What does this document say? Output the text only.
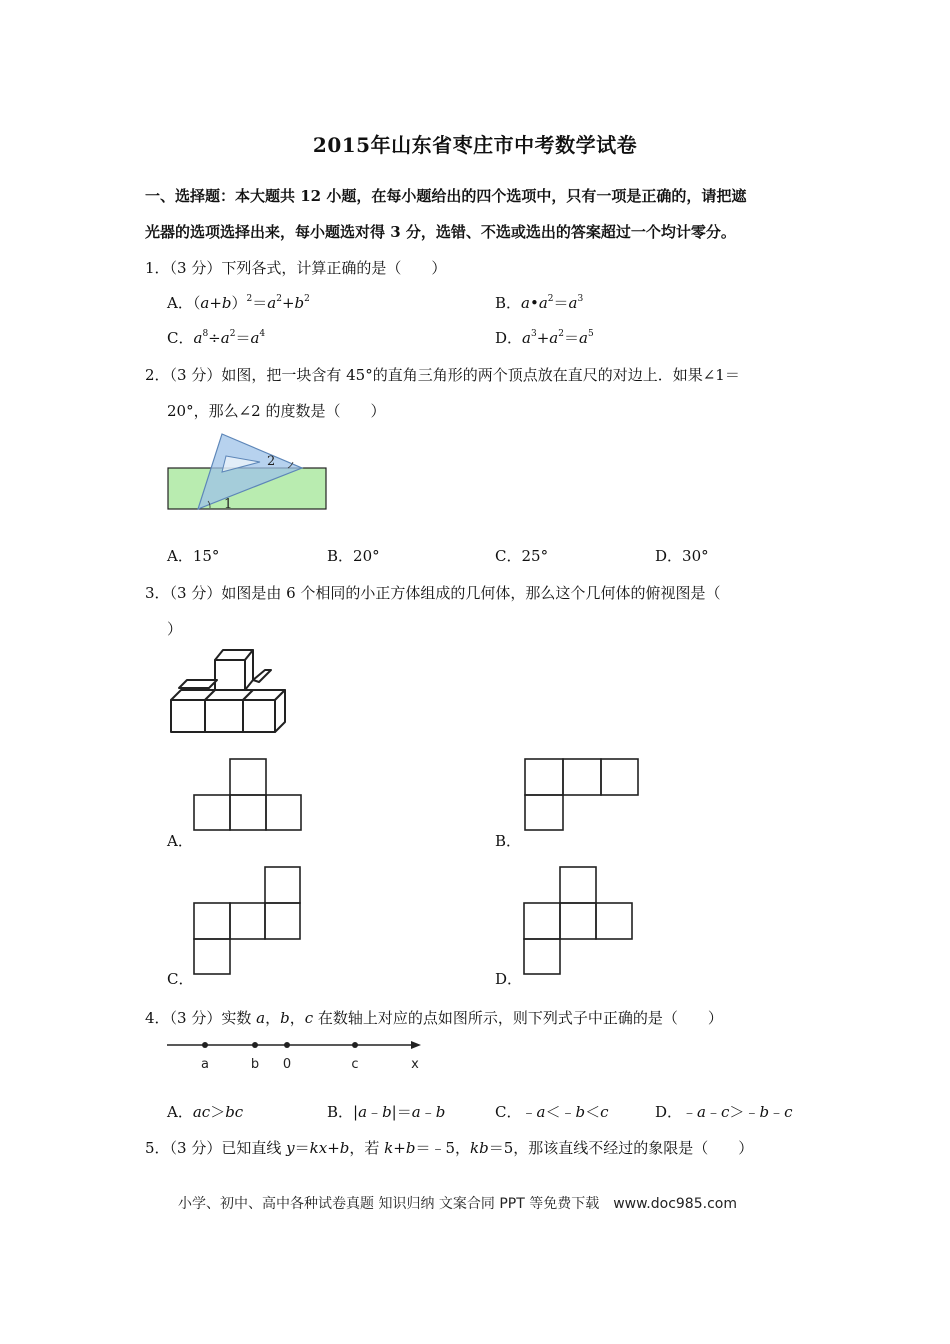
2015年山东省枣庄市中考数学试卷
一、选择题：本大题共 12 小题，在每小题给出的四个选项中，只有一项是正确的，请把遮
光器的选项选择出来，每小题选对得 3 分，选错、不选或选出的答案超过一个均计零分。
1．（3 分）下列各式，计算正确的是（　　）
A．$(a+b)^2=a^2+b^2$	B．$a•a^2=a^3$
C．$a^8\div a^2=a^4$	D．$a^3+a^2=a^5$
2．（3 分）如图，把一块含有 45°的直角三角形的两个顶点放在直尺的对边上．如果∠1＝
20°，那么∠2 的度数是（　　）
2
1
A．15°	B．20°	C．25°	D．30°
3．（3 分）如图是由 6 个相同的小正方体组成的几何体，那么这个几何体的俯视图是（
）
A．	B．
C．	D．
4．（3 分）实数 a，b，c 在数轴上对应的点如图所示，则下列式子中正确的是（　　）
a	b 0	c	x
A．ac＞bc	B．|a﹣b|＝a﹣b	C．﹣a＜﹣b＜c	D．﹣a﹣c＞﹣b﹣c
5．（3 分）已知直线 y＝kx+b，若 k+b＝﹣5，kb＝5，那该直线不经过的象限是（　　）
小学、初中、高中各种试卷真题 知识归纳 文案合同 PPT 等免费下载　www.doc985.com
